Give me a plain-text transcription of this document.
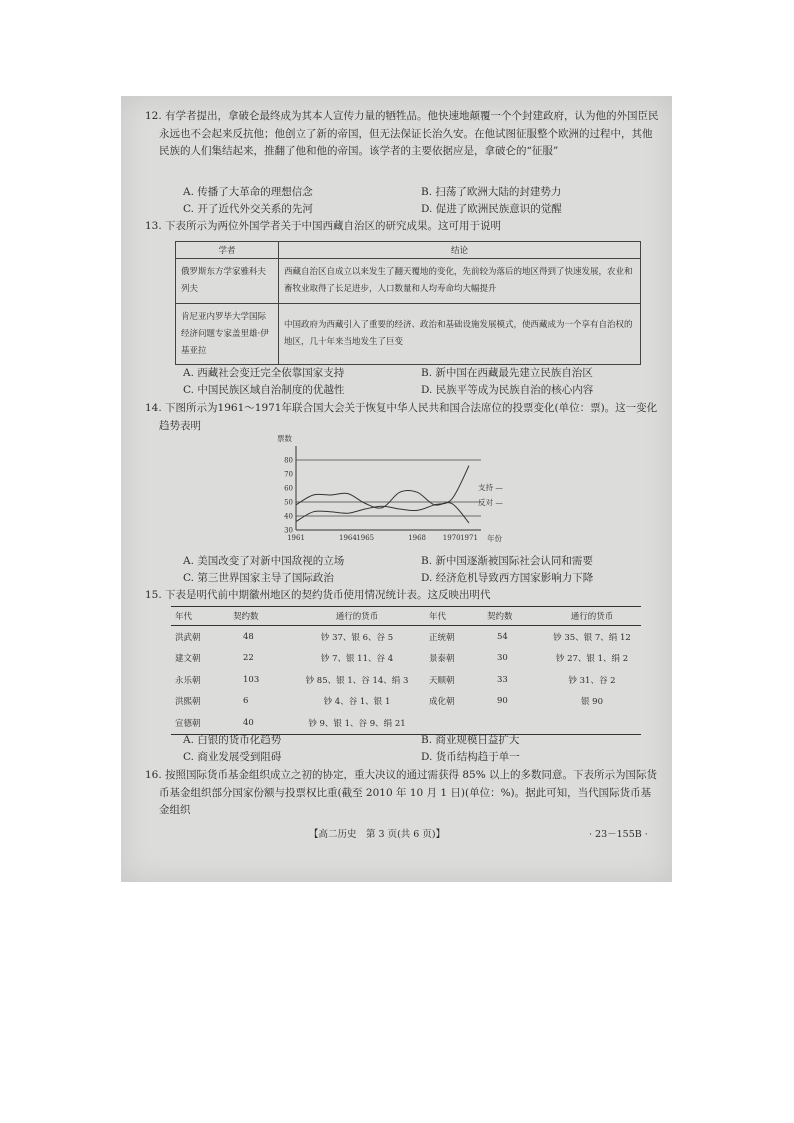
12. 有学者提出，拿破仑最终成为其本人宣传力量的牺牲品。他快速地颠覆一个个封建政府，认为他的外国臣民永远也不会起来反抗他；他创立了新的帝国，但无法保证长治久安。在他试图征服整个欧洲的过程中，其他民族的人们集结起来，推翻了他和他的帝国。该学者的主要依据应是，拿破仑的“征服”
A. 传播了大革命的理想信念	B. 扫荡了欧洲大陆的封建势力
C. 开了近代外交关系的先河	D. 促进了欧洲民族意识的觉醒
13. 下表所示为两位外国学者关于中国西藏自治区的研究成果。这可用于说明
学者	结论
俄罗斯东方学家雅科夫列夫	西藏自治区自成立以来发生了翻天覆地的变化，先前较为落后的地区得到了快速发展，农业和畜牧业取得了长足进步，人口数量和人均寿命均大幅提升
肯尼亚内罗毕大学国际经济问题专家盖里雄·伊基亚拉	中国政府为西藏引入了重要的经济、政治和基础设施发展模式，使西藏成为一个享有自治权的地区，几十年来当地发生了巨变
A. 西藏社会变迁完全依靠国家支持	B. 新中国在西藏最先建立民族自治区
C. 中国民族区域自治制度的优越性	D. 民族平等成为民族自治的核心内容
14. 下图所示为1961～1971年联合国大会关于恢复中华人民共和国合法席位的投票变化(单位：票)。这一变化趋势表明
票数
年份
支持 —
反对 —
30
40
50
60
70
80
1961	1964 1965	1968 1970 1971
A. 美国改变了对新中国敌视的立场	B. 新中国逐渐被国际社会认同和需要
C. 第三世界国家主导了国际政治	D. 经济危机导致西方国家影响力下降
15. 下表是明代前中期徽州地区的契约货币使用情况统计表。这反映出明代
年代	契约数	通行的货币	年代	契约数	通行的货币
洪武朝	48	钞 37、银 6、谷 5	正统朝	54	钞 35、银 7、绢 12
建文朝	22	钞 7、银 11、谷 4	景泰朝	30	钞 27、银 1、绢 2
永乐朝	103	钞 85、银 1、谷 14、绢 3	天顺朝	33	钞 31、谷 2
洪熙朝	6	钞 4、谷 1、银 1	成化朝	90	银 90
宣德朝	40	钞 9、银 1、谷 9、绢 21			
A. 白银的货币化趋势	B. 商业规模日益扩大
C. 商业发展受到阻碍	D. 货币结构趋于单一
16. 按照国际货币基金组织成立之初的协定，重大决议的通过需获得 85% 以上的多数同意。下表所示为国际货币基金组织部分国家份额与投票权比重(截至 2010 年 10 月 1 日)(单位：%)。据此可知，当代国际货币基金组织
【高二历史　第 3 页(共 6 页)】	· 23－155B ·
